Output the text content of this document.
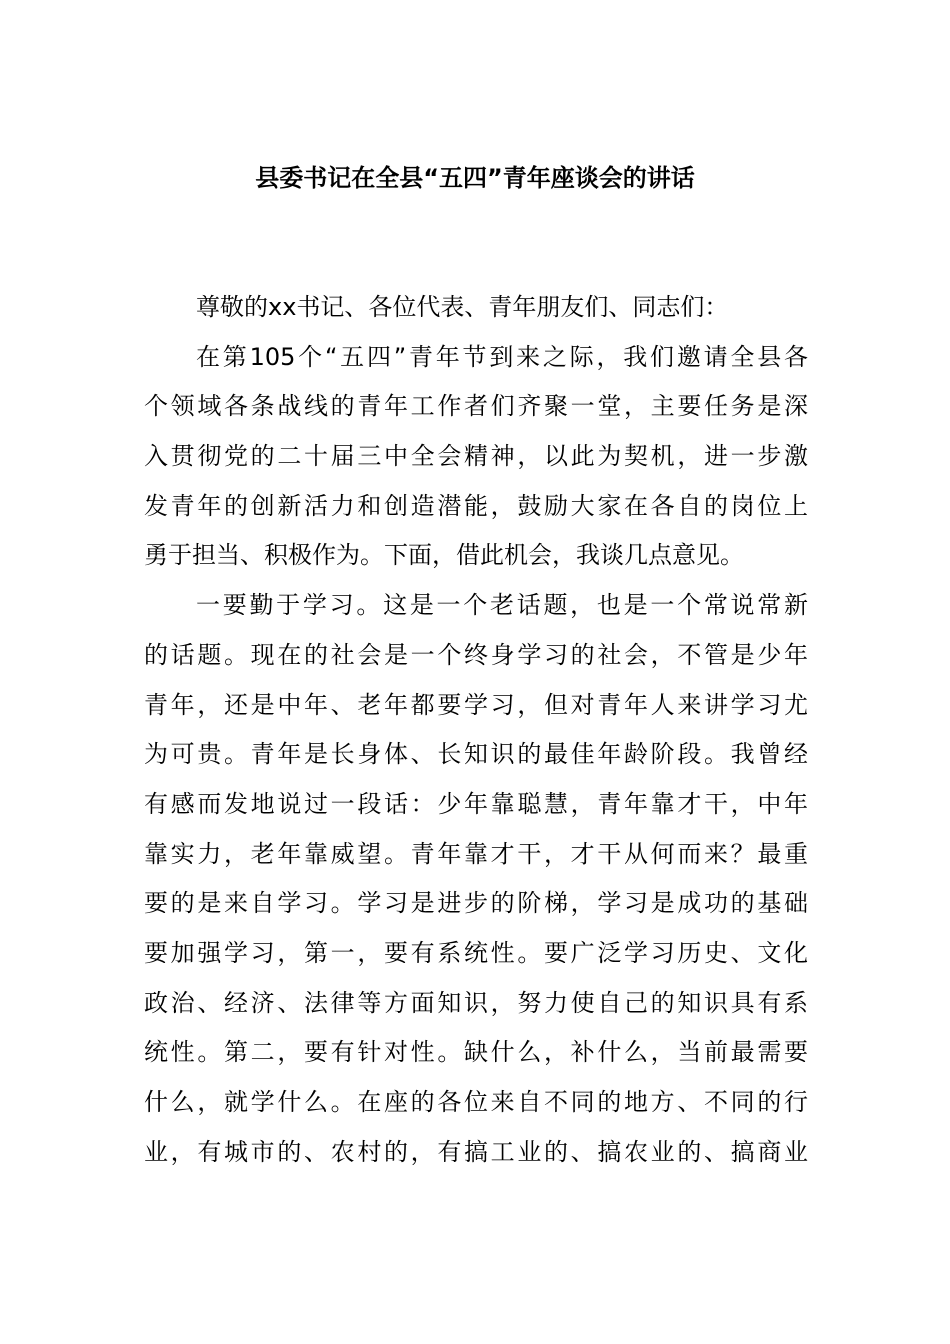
县委书记在全县“五四”青年座谈会的讲话
尊敬的xx书记、各位代表、青年朋友们、同志们：
在第105个“五四”青年节到来之际，我们邀请全县各
个领域各条战线的青年工作者们齐聚一堂，主要任务是深
入贯彻党的二十届三中全会精神，以此为契机，进一步激
发青年的创新活力和创造潜能，鼓励大家在各自的岗位上
勇于担当、积极作为。下面，借此机会，我谈几点意见。
一要勤于学习。这是一个老话题，也是一个常说常新
的话题。现在的社会是一个终身学习的社会，不管是少年
青年，还是中年、老年都要学习，但对青年人来讲学习尤
为可贵。青年是长身体、长知识的最佳年龄阶段。我曾经
有感而发地说过一段话：少年靠聪慧，青年靠才干，中年
靠实力，老年靠威望。青年靠才干，才干从何而来？最重
要的是来自学习。学习是进步的阶梯，学习是成功的基础
要加强学习，第一，要有系统性。要广泛学习历史、文化
政治、经济、法律等方面知识，努力使自己的知识具有系
统性。第二，要有针对性。缺什么，补什么，当前最需要
什么，就学什么。在座的各位来自不同的地方、不同的行
业，有城市的、农村的，有搞工业的、搞农业的、搞商业
